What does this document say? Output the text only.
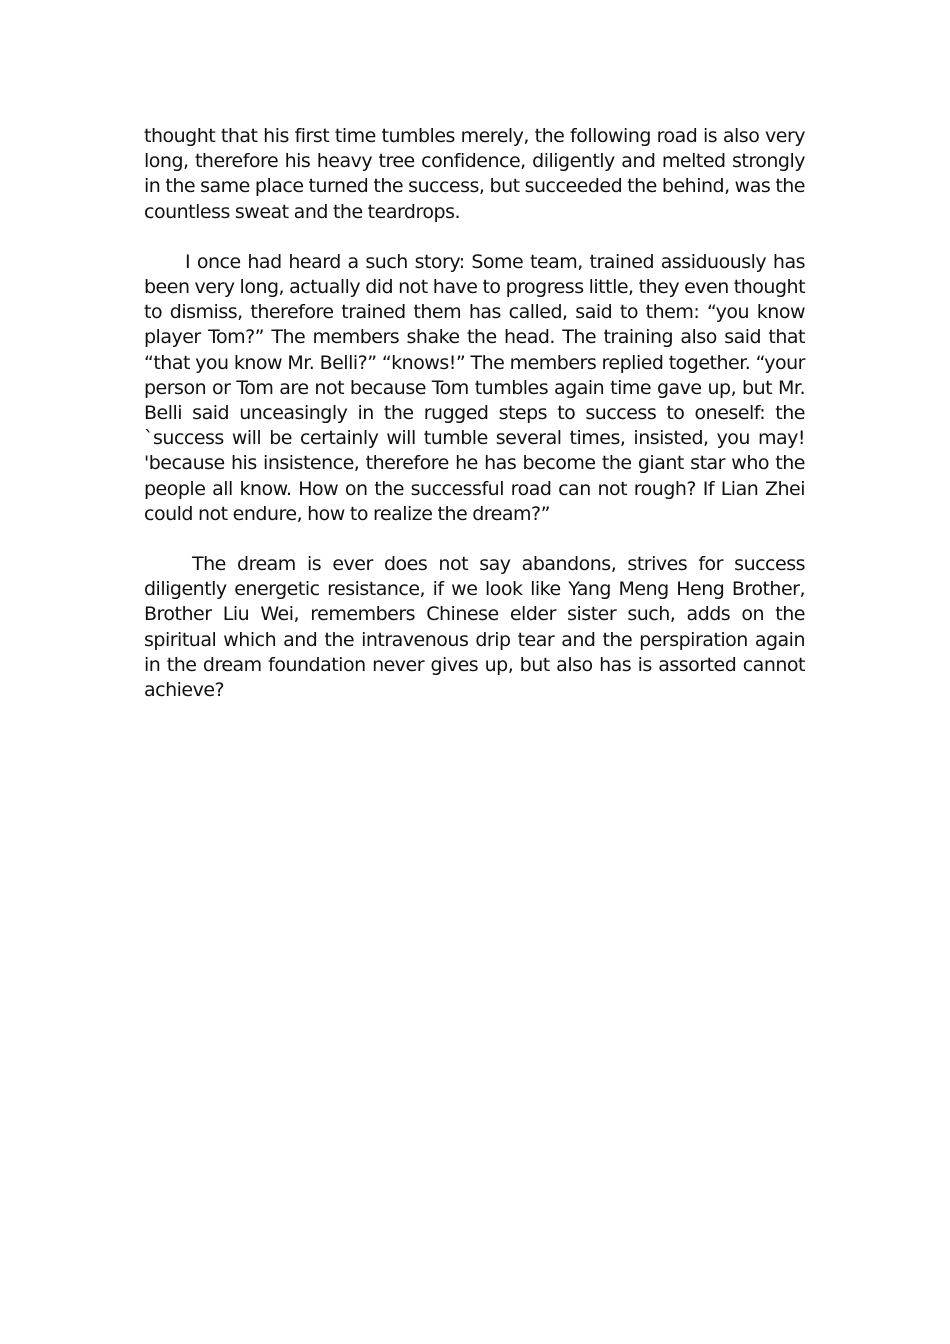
thought that his first time tumbles merely, the following road is also very long, therefore his heavy tree confidence, diligently and melted strongly in the same place turned the success, but succeeded the behind, was the countless sweat and the teardrops.

I once had heard a such story: Some team, trained assiduously has been very long, actually did not have to progress little, they even thought to dismiss, therefore trained them has called, said to them: “you know player Tom?” The members shake the head. The training also said that “that you know Mr. Belli?” “knows!” The members replied together. “your person or Tom are not because Tom tumbles again time gave up, but Mr. Belli said unceasingly in the rugged steps to success to oneself: the `success will be certainly will tumble several times, insisted, you may! 'because his insistence, therefore he has become the giant star who the people all know. How on the successful road can not rough? If Lian Zhei could not endure, how to realize the dream?”

The dream is ever does not say abandons, strives for success diligently energetic resistance, if we look like Yang Meng Heng Brother, Brother Liu Wei, remembers Chinese elder sister such, adds on the spiritual which and the intravenous drip tear and the perspiration again in the dream foundation never gives up, but also has is assorted cannot achieve?
